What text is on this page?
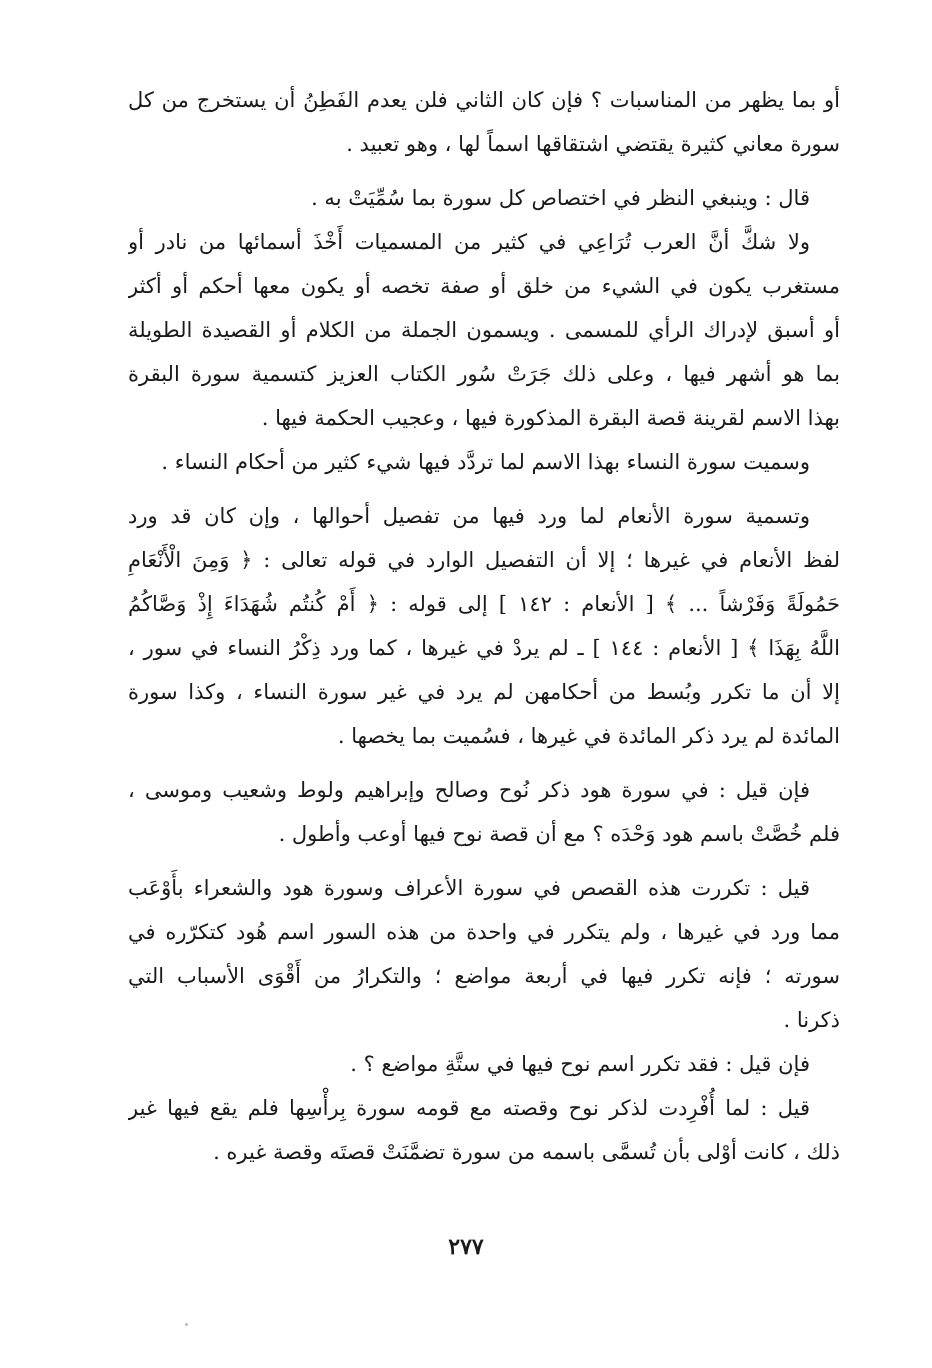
أو بما يظهر من المناسبات ؟ فإن كان الثاني فلن يعدم الفَطِنُ أن يستخرج من كل
سورة معاني كثيرة يقتضي اشتقاقها اسماً لها ، وهو تعبيد .
قال : وينبغي النظر في اختصاص كل سورة بما سُمِّيَتْ به .
ولا شكَّ أنَّ العرب تُرَاعِي في كثير من المسميات أَخْذَ أسمائها من نادر أو
مستغرب يكون في الشيء من خلق أو صفة تخصه أو يكون معها أحكم أو أكثر
أو أسبق لإدراك الرأي للمسمى . ويسمون الجملة من الكلام أو القصيدة الطويلة
بما هو أشهر فيها ، وعلى ذلك جَرَتْ سُور الكتاب العزيز كتسمية سورة البقرة
بهذا الاسم لقرينة قصة البقرة المذكورة فيها ، وعجيب الحكمة فيها .
وسميت سورة النساء بهذا الاسم لما تردَّد فيها شيء كثير من أحكام النساء .
وتسمية سورة الأنعام لما ورد فيها من تفصيل أحوالها ، وإن كان قد ورد
لفظ الأنعام في غيرها ؛ إلا أن التفصيل الوارد في قوله تعالى : ﴿ وَمِنَ الْأَنْعَامِ
حَمُولَةً وَفَرْشاً ... ﴾ [ الأنعام : ١٤٢ ] إلى قوله : ﴿ أَمْ كُنتُم شُهَدَاءَ إِذْ وَصَّاكُمُ
اللَّهُ بِهَذَا ﴾ [ الأنعام : ١٤٤ ] ـ لم يردْ في غيرها ، كما ورد ذِكْرُ النساء في سور ،
إلا أن ما تكرر وبُسط من أحكامهن لم يرد في غير سورة النساء ، وكذا سورة
المائدة لم يرد ذكر المائدة في غيرها ، فسُميت بما يخصها .
فإن قيل : في سورة هود ذكر نُوح وصالح وإبراهيم ولوط وشعيب وموسى ،
فلم خُصَّتْ باسم هود وَحْدَه ؟ مع أن قصة نوح فيها أوعب وأطول .
قيل : تكررت هذه القصص في سورة الأعراف وسورة هود والشعراء بأَوْعَب
مما ورد في غيرها ، ولم يتكرر في واحدة من هذه السور اسم هُود كتكرّره في
سورته ؛ فإنه تكرر فيها في أربعة مواضع ؛ والتكرارُ من أَقْوَى الأسباب التي
ذكرنا .
فإن قيل : فقد تكرر اسم نوح فيها في ستَّةِ مواضع ؟ .
قيل : لما أُفْرِدت لذكر نوح وقصته مع قومه سورة بِرأْسِها فلم يقع فيها غير
ذلك ، كانت أوْلى بأن تُسمَّى باسمه من سورة تضمَّنَتْ قصتَه وقصة غيره .
٢٧٧
